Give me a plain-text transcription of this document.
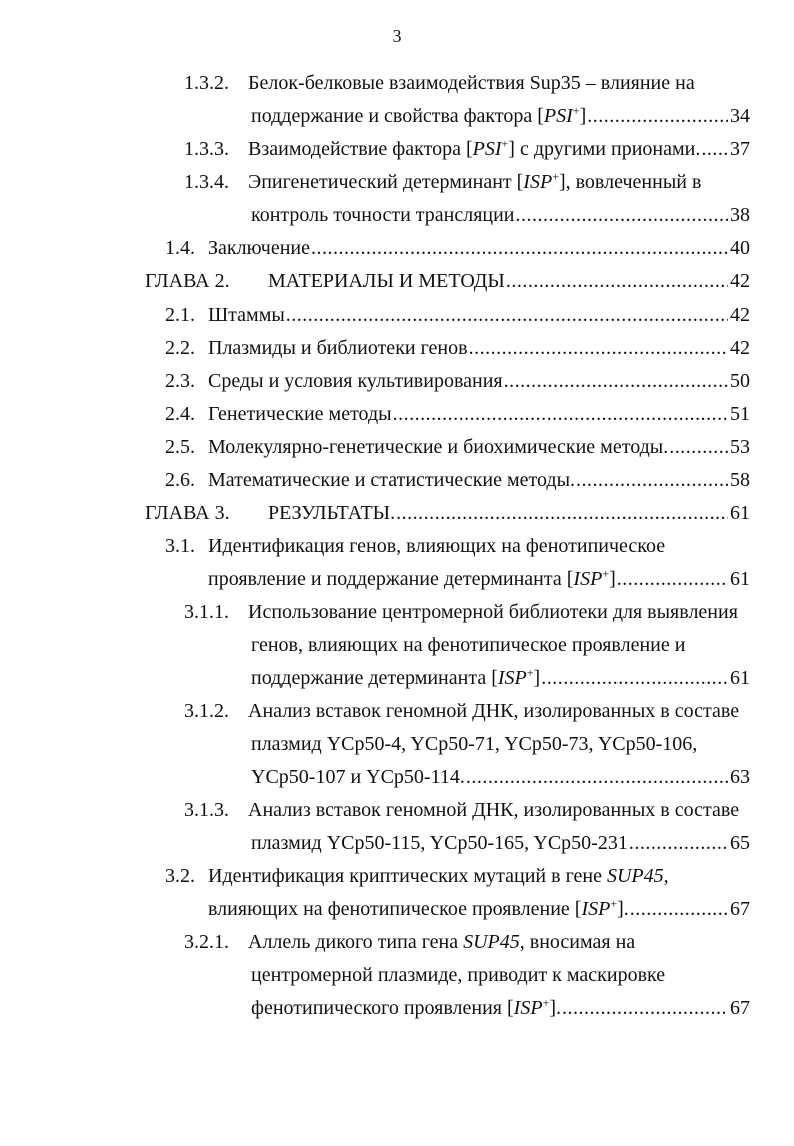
3
1.3.2. Белок-белковые взаимодействия Sup35 – влияние на
поддержание и свойства фактора [PSI+] .....	34
1.3.3. Взаимодействие фактора [PSI+] с другими прионами. ..... 37
1.3.4. Эпигенетический детерминант [ISP+], вовлеченный в
контроль точности трансляции .....	38
1.4. Заключение .....	40
ГЛАВА 2.	МАТЕРИАЛЫ И МЕТОДЫ .....	42
2.1. Штаммы .....	42
2.2. Плазмиды и библиотеки генов .....	42
2.3. Среды и условия культивирования .....	50
2.4. Генетические методы .....	51
2.5. Молекулярно-генетические и биохимические методы. .....	53
2.6. Математические и статистические методы. .....	58
ГЛАВА 3.	РЕЗУЛЬТАТЫ. .....	61
3.1. Идентификация генов, влияющих на фенотипическое
проявление и поддержание детерминанта [ISP+] .....	61
3.1.1. Использование центромерной библиотеки для выявления
генов, влияющих на фенотипическое проявление и
поддержание детерминанта [ISP+] .....	61
3.1.2. Анализ вставок геномной ДНК, изолированных в составе
плазмид YCp50-4, YCp50-71, YCp50-73, YCp50-106,
YCp50-107 и YCp50-114. .....	63
3.1.3. Анализ вставок геномной ДНК, изолированных в составе
плазмид YCp50-115, YCp50-165, YCp50-231 .....	65
3.2. Идентификация криптических мутаций в гене SUP45,
влияющих на фенотипическое проявление [ISP+]. .....	67
3.2.1. Аллель дикого типа гена SUP45, вносимая на
центромерной плазмиде, приводит к маскировке
фенотипического проявления [ISP+]. .....	67
